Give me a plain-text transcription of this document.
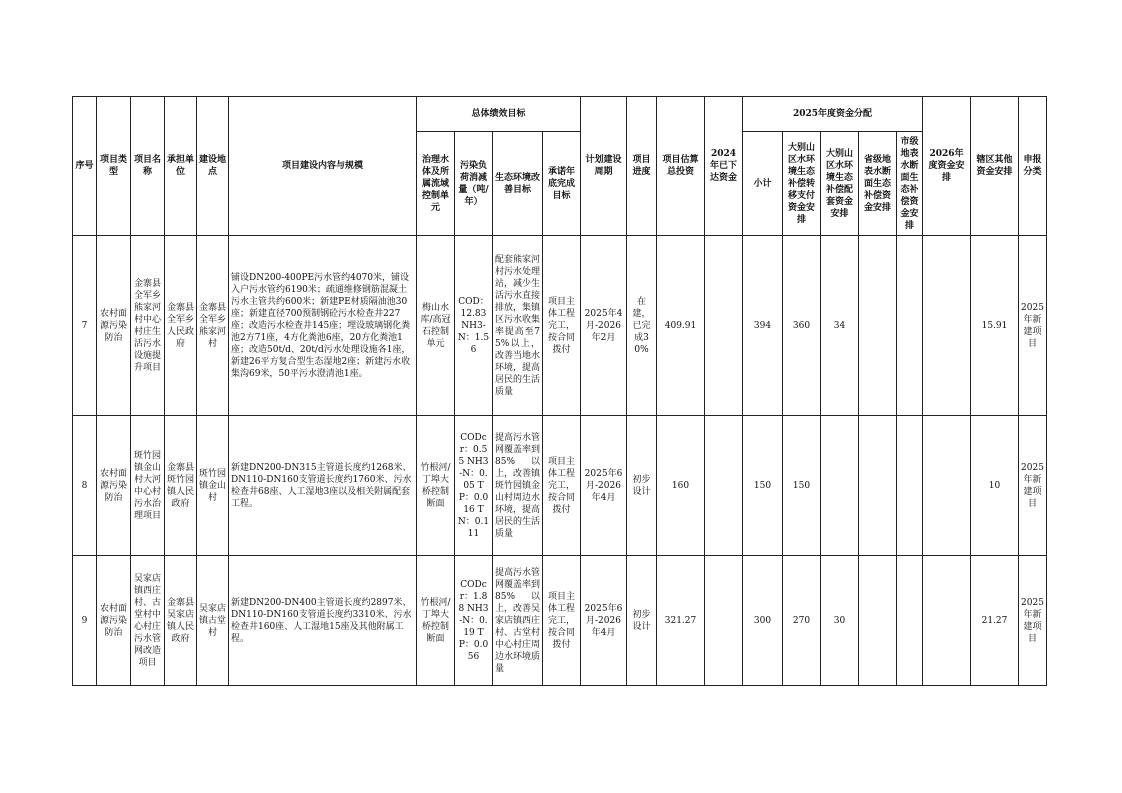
序号	项目类型	项目名称	承担单位	建设地点	项目建设内容与规模	总体绩效目标				计划建设周期	项目进度	项目估算总投资	2024年已下达资金	2025年度资金分配					2026年度资金安排	辖区其他资金安排	申报分类
						治理水体及所属流域控制单元	污染负荷消减量（吨/年）	生态环境改善目标	承诺年底完成目标					小计	大别山区水环境生态补偿转移支付资金安排	大别山区水环境生态补偿配套资金安排	省级地表水断面生态补偿资金安排	市级地表水断面生态补偿资金安排			
7	农村面源污染防治	金寨县全军乡熊家河村中心村庄生活污水设施提升项目	金寨县全军乡人民政府	金寨县全军乡熊家河村	铺设DN200-400PE污水管约4070米，铺设入户污水管约6190米；疏通维修钢筋混凝土污水主管共约600米；新建PE材质隔油池30座；新建直径700预制钢砼污水检查井227座；改造污水检查井145座；埋设玻璃钢化粪池2方71座，4方化粪池6座，20方化粪池1座；改造50t/d、20t/d污水处理设施各1座，新建26平方复合型生态湿地2座；新建污水收集沟69米，50平污水澄清池1座。	梅山水库/高冠石控制单元	COD：12.83 NH3-N：1.56	配套熊家河村污水处理站，减少生活污水直接排放，集镇区污水收集率提高至75%以上，改善当地水环境，提高居民的生活质量	项目主体工程完工，按合同拨付	2025年4月-2026年2月	在建，已完成30%	409.91		394	360	34				15.91	2025年新建项目
8	农村面源污染防治	斑竹园镇金山村大河中心村污水治理项目	金寨县斑竹园镇人民政府	斑竹园镇金山村	新建DN200-DN315主管道长度约1268米、DN110-DN160支管道长度约1760米、污水检查井68座、人工湿地3座以及相关附属配套工程。	竹根河/丁埠大桥控制断面	CODcr：0.55 NH3-N：0.05 TP：0.016 TN：0.111	提高污水管网覆盖率到85%以上，改善镇斑竹园镇金山村周边水环境，提高居民的生活质量	项目主体工程完工，按合同拨付	2025年6月-2026年4月	初步设计	160		150	150					10	2025年新建项目
9	农村面源污染防治	吴家店镇西庄村、古堂村中心村庄污水管网改造项目	金寨县吴家店镇人民政府	吴家店镇古堂村	新建DN200-DN400主管道长度约2897米、DN110-DN160支管道长度约3310米、污水检查井160座、人工湿地15座及其他附属工程。	竹根河/丁埠大桥控制断面	CODcr：1.88 NH3-N：0.19 TP：0.056	提高污水管网覆盖率到85%以上，改善吴家店镇西庄村、古堂村中心村庄周边水环境质量	项目主体工程完工，按合同拨付	2025年6月-2026年4月	初步设计	321.27		300	270	30				21.27	2025年新建项目
